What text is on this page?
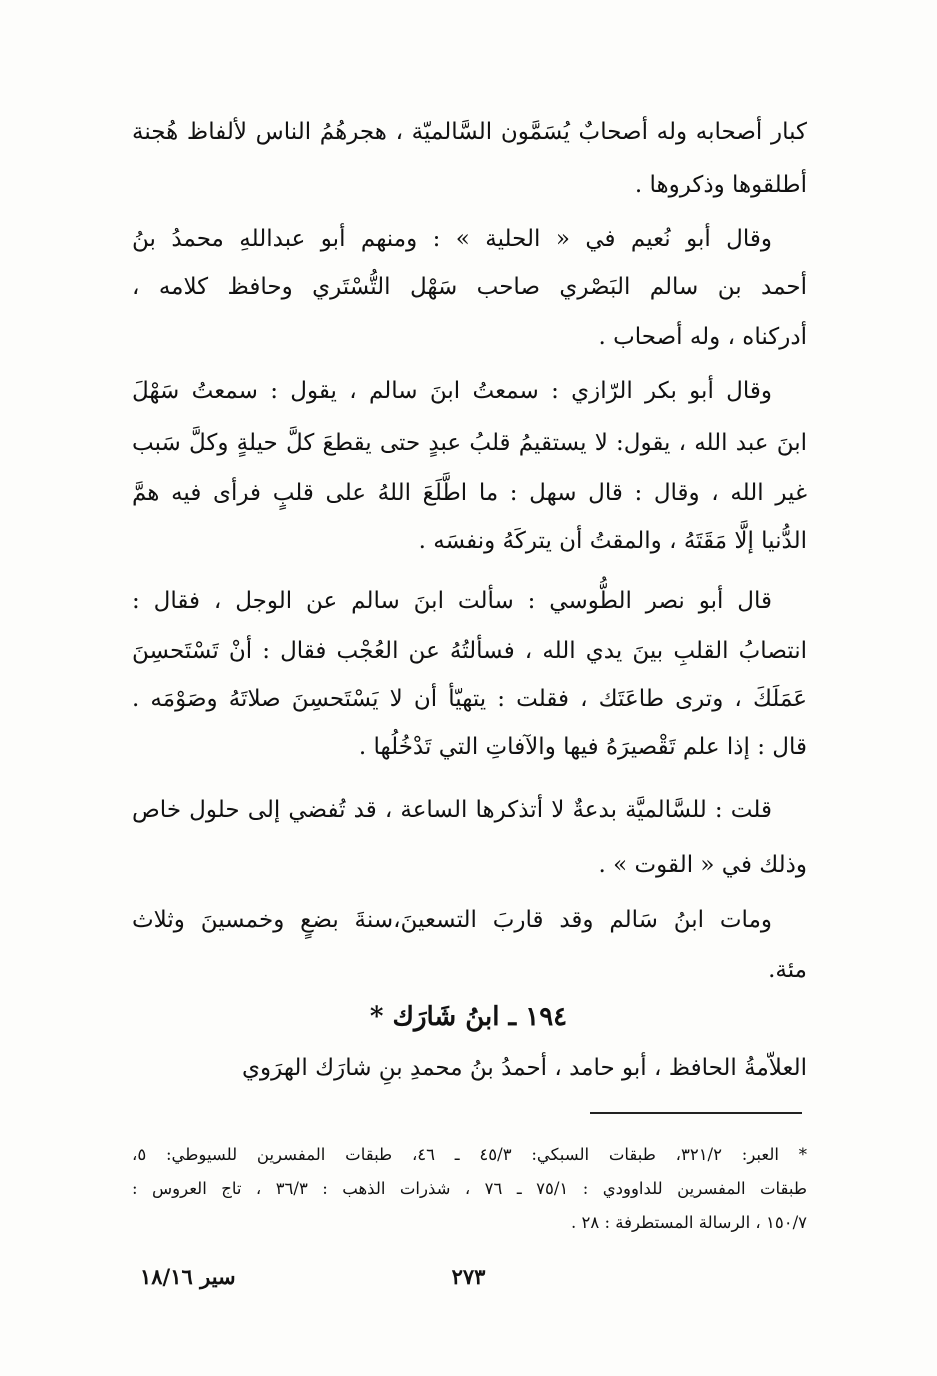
كبار أصحابه وله أصحابٌ يُسَمَّون السَّالميّة ، هجرهُمُ الناس لألفاظ هُجنة
أطلقوها وذكروها .
وقال أبو نُعيم في « الحلية » : ومنهم أبو عبداللهِ محمدُ بنُ
أحمد بن سالم البَصْري صاحب سَهْل التُّسْتَري وحافظ كلامه ،
أدركناه ، وله أصحاب .
وقال أبو بكر الرّازي : سمعتُ ابنَ سالم ، يقول : سمعتُ سَهْلَ
ابنَ عبد الله ، يقول: لا يستقيمُ قلبُ عبدٍ حتى يقطعَ كلَّ حيلةٍ وكلَّ سَبب
غير الله ، وقال : قال سهل : ما اطَّلَعَ اللهُ على قلبٍ فرأى فيه همَّ
الدُّنيا إلَّا مَقَتَهُ ، والمقتُ أن يتركَهُ ونفسَه .
قال أبو نصر الطُّوسي : سألت ابنَ سالم عن الوجل ، فقال :
انتصابُ القلبِ بينَ يدي الله ، فسألتُهُ عن العُجْب فقال : أنْ تَسْتَحسِنَ
عَمَلَكَ ، وترى طاعَتَك ، فقلت : يتهيّأ أن لا يَسْتَحسِنَ صلاتَهُ وصَوْمَه .
قال : إذا علم تَقْصيرَهُ فيها والآفاتِ التي تَدْخُلُها .
قلت : للسَّالميَّة بدعةٌ لا أتذكرها الساعة ، قد تُفضي إلى حلول خاص
وذلك في « القوت » .
ومات ابنُ سَالم وقد قاربَ التسعينَ،سنةَ بضعٍ وخمسينَ وثلاث
مئة.
١٩٤ ـ ابنُ شَارَك *
العلاّمةُ الحافظ ، أبو حامد ، أحمدُ بنُ محمدِ بنِ شارَك الهرَوي
* العبر: ٣٢١/٢، طبقات السبكي: ٤٥/٣ ـ ٤٦، طبقات المفسرين للسيوطي: ٥،
طبقات المفسرين للداوودي : ٧٥/١ ـ ٧٦ ، شذرات الذهب : ٣٦/٣ ، تاج العروس :
١٥٠/٧ ، الرسالة المستطرفة : ٢٨ .
٢٧٣
سير ١٨/١٦
